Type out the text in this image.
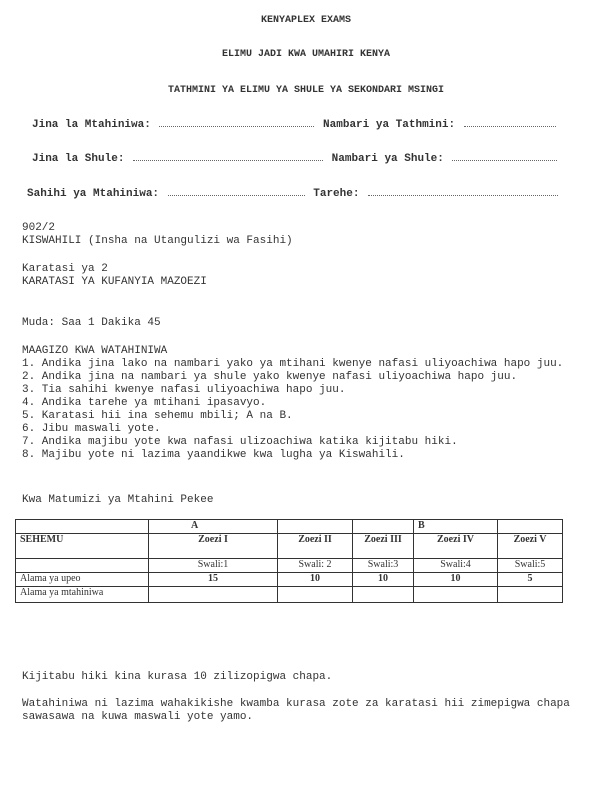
KENYAPLEX EXAMS
ELIMU JADI KWA UMAHIRI KENYA
TATHMINI YA ELIMU YA SHULE YA SEKONDARI MSINGI
Jina la Mtahiniwa:	Nambari ya Tathmini:
Jina la Shule:	Nambari ya Shule:
Sahihi ya Mtahiniwa:	Tarehe:
902/2
KISWAHILI (Insha na Utangulizi wa Fasihi)
Karatasi ya 2
KARATASI YA KUFANYIA MAZOEZI
Muda: Saa 1 Dakika 45
MAAGIZO KWA WATAHINIWA
1. Andika jina lako na nambari yako ya mtihani kwenye nafasi uliyoachiwa hapo juu.
2. Andika jina na nambari ya shule yako kwenye nafasi uliyoachiwa hapo juu.
3. Tia sahihi kwenye nafasi uliyoachiwa hapo juu.
4. Andika tarehe ya mtihani ipasavyo.
5. Karatasi hii ina sehemu mbili; A na B.
6. Jibu maswali yote.
7. Andika majibu yote kwa nafasi ulizoachiwa katika kijitabu hiki.
8. Majibu yote ni lazima yaandikwe kwa lugha ya Kiswahili.
Kwa Matumizi ya Mtahini Pekee
	A			B	
SEHEMU	Zoezi I	Zoezi II	Zoezi III	Zoezi IV	Zoezi V
	Swali:1	Swali: 2	Swali:3	Swali:4	Swali:5
Alama ya upeo	15	10	10	10	5
Alama ya mtahiniwa					
Kijitabu hiki kina kurasa 10 zilizopigwa chapa.
Watahiniwa ni lazima wahakikishe kwamba kurasa zote za karatasi hii zimepigwa chapa sawasawa na kuwa maswali yote yamo.
